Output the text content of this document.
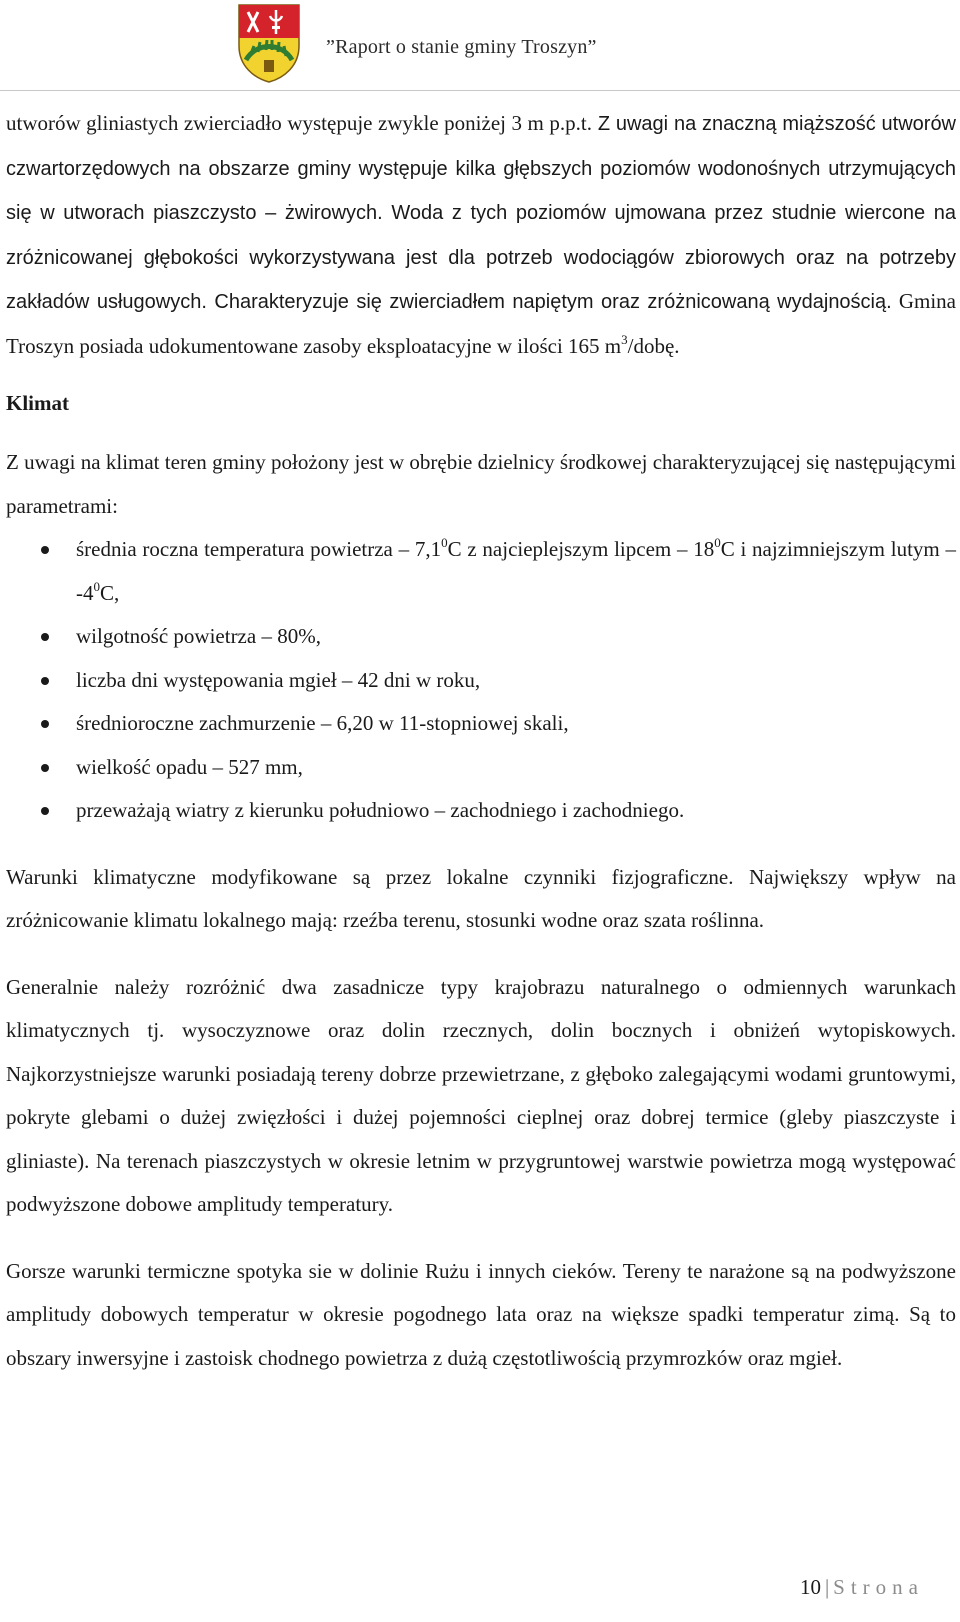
”Raport o stanie gminy Troszyn”

utworów gliniastych zwierciadło występuje zwykle poniżej 3 m p.p.t. Z uwagi na znaczną miąższość utworów czwartorzędowych na obszarze gminy występuje kilka głębszych poziomów wodonośnych utrzymujących się w utworach piaszczysto – żwirowych. Woda z tych poziomów ujmowana przez studnie wiercone na zróżnicowanej głębokości wykorzystywana jest dla potrzeb wodociągów zbiorowych oraz na potrzeby zakładów usługowych. Charakteryzuje się zwierciadłem napiętym oraz zróżnicowaną wydajnością. Gmina Troszyn posiada udokumentowane zasoby eksploatacyjne w ilości 165 $m^3$/dobę.

Klimat

Z uwagi na klimat teren gminy położony jest w obrębie dzielnicy środkowej charakteryzującej się następującymi parametrami:

średnia roczna temperatura powietrza – $7,1^0C$ z najcieplejszym lipcem – $18^0C$ i najzimniejszym lutym – $-4^0C$,
wilgotność powietrza – 80%,
liczba dni występowania mgieł – 42 dni w roku,
średnioroczne zachmurzenie – 6,20 w 11-stopniowej skali,
wielkość opadu – 527 mm,
przeważają wiatry z kierunku południowo – zachodniego i zachodniego.

Warunki klimatyczne modyfikowane są przez lokalne czynniki fizjograficzne. Największy wpływ na zróżnicowanie klimatu lokalnego mają: rzeźba terenu, stosunki wodne oraz szata roślinna.

Generalnie należy rozróżnić dwa zasadnicze typy krajobrazu naturalnego o odmiennych warunkach klimatycznych tj. wysoczyznowe oraz dolin rzecznych, dolin bocznych i obniżeń wytopiskowych. Najkorzystniejsze warunki posiadają tereny dobrze przewietrzane, z głęboko zalegającymi wodami gruntowymi, pokryte glebami o dużej zwięzłości i dużej pojemności cieplnej oraz dobrej termice (gleby piaszczyste i gliniaste). Na terenach piaszczystych w okresie letnim w przygruntowej warstwie powietrza mogą występować podwyższone dobowe amplitudy temperatury.

Gorsze warunki termiczne spotyka sie w dolinie Rużu i innych cieków. Tereny te narażone są na podwyższone amplitudy dobowych temperatur w okresie pogodnego lata oraz na większe spadki temperatur zimą. Są to obszary inwersyjne i zastoisk chodnego powietrza z dużą częstotliwością przymrozków oraz mgieł.

10 | Strona
